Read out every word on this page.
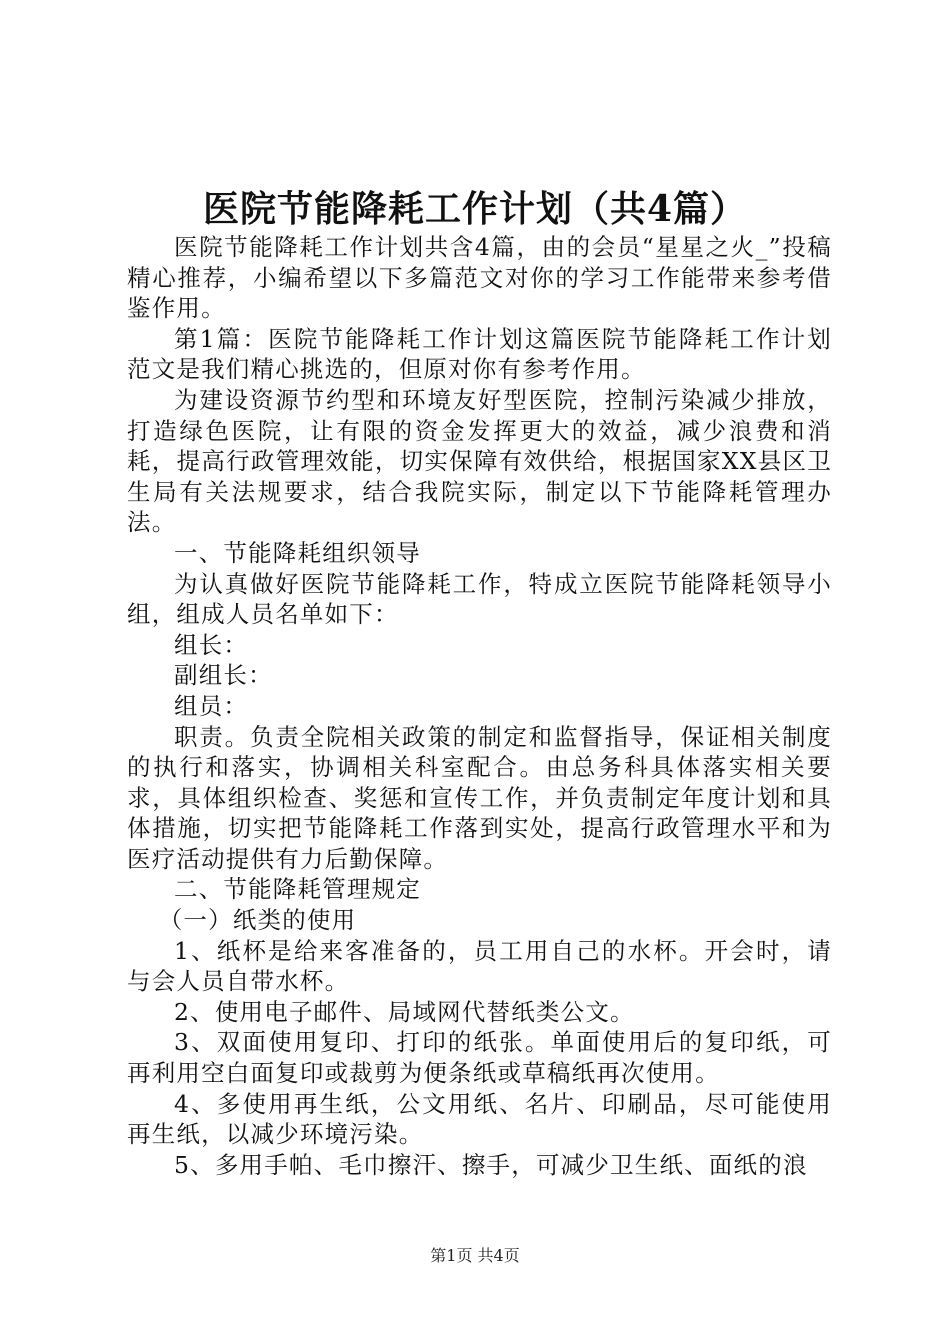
医院节能降耗工作计划（共4篇）

医院节能降耗工作计划共含4篇，由的会员“星星之火_”投稿精心推荐，小编希望以下多篇范文对你的学习工作能带来参考借鉴作用。

第1篇：医院节能降耗工作计划这篇医院节能降耗工作计划范文是我们精心挑选的，但原对你有参考作用。

为建设资源节约型和环境友好型医院，控制污染减少排放，打造绿色医院，让有限的资金发挥更大的效益，减少浪费和消耗，提高行政管理效能，切实保障有效供给，根据国家XX县区卫生局有关法规要求，结合我院实际，制定以下节能降耗管理办法。

一、节能降耗组织领导

为认真做好医院节能降耗工作，特成立医院节能降耗领导小组，组成人员名单如下：

组长：

副组长：

组员：

职责。负责全院相关政策的制定和监督指导，保证相关制度的执行和落实，协调相关科室配合。由总务科具体落实相关要求，具体组织检查、奖惩和宣传工作，并负责制定年度计划和具体措施，切实把节能降耗工作落到实处，提高行政管理水平和为医疗活动提供有力后勤保障。

二、节能降耗管理规定

（一）纸类的使用

1、纸杯是给来客准备的，员工用自己的水杯。开会时，请与会人员自带水杯。

2、使用电子邮件、局域网代替纸类公文。

3、双面使用复印、打印的纸张。单面使用后的复印纸，可再利用空白面复印或裁剪为便条纸或草稿纸再次使用。

4、多使用再生纸，公文用纸、名片、印刷品，尽可能使用再生纸，以减少环境污染。

5、多用手帕、毛巾擦汗、擦手，可减少卫生纸、面纸的浪

第1页 共4页
